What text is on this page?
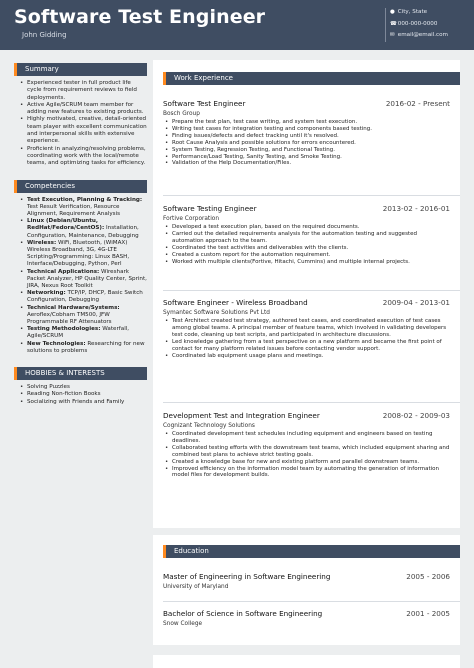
Software Test Engineer
John Gidding
● City, State
☎ 000-000-0000
✉ email@email.com
Summary
• Experienced tester in full product life cycle from requirement reviews to field deployments.
• Active Agile/SCRUM team member for adding new features to existing products.
• Highly motivated, creative, detail-oriented team player with excellent communication and interpersonal skills with extensive experience.
• Proficient in analyzing/resolving problems, coordinating work with the local/remote teams, and optimizing tasks for efficiency.
Competencies
• Test Execution, Planning & Tracking: Test Result Verification, Resource Alignment, Requirement Analysis
• Linux (Debian/Ubuntu, RedHat/Fedora/CentOS): Installation, Configuration, Maintenance, Debugging
• Wireless: WiFi, Bluetooth, (WiMAX) Wireless Broadband, 3G, 4G-LTE Scripting/Programming: Linux BASH, Interface/Debugging, Python, Perl
• Technical Applications: Wireshark Packet Analyzer, HP Quality Center, Sprint, JIRA, Nexus Root Toolkit
• Networking: TCP/IP, DHCP, Basic Switch Configuration, Debugging
• Technical Hardware/Systems: Aeroflex/Cobham TM500, JFW Programmable RF Attenuators
• Testing Methodologies: Waterfall, Agile/SCRUM
• New Technologies: Researching for new solutions to problems
HOBBIES & INTERESTS
• Solving Puzzles
• Reading Non-fiction Books
• Socializing with Friends and Family
Work Experience
Software Test Engineer	2016-02 - Present
Bosch Group
• Prepare the test plan, test case writing, and system test execution.
• Writing test cases for integration testing and components based testing.
• Finding issues/defects and defect tracking until it's resolved.
• Root Cause Analysis and possible solutions for errors encountered.
• System Testing, Regression Testing, and Functional Testing.
• Performance/Load Testing, Sanity Testing, and Smoke Testing.
• Validation of the Help Documentation/Files.
Software Testing Engineer	2013-02 - 2016-01
Fortive Corporation
• Developed a test execution plan, based on the required documents.
• Carried out the detailed requirements analysis for the automation testing and suggested automation approach to the team.
• Coordinated the test activities and deliverables with the clients.
• Created a custom report for the automation requirement.
• Worked with multiple clients(Fortive, Hitachi, Cummins) and multiple internal projects.
Software Engineer - Wireless Broadband	2009-04 - 2013-01
Symantec Software Solutions Pvt Ltd
• Test Architect created test strategy, authored test cases, and coordinated execution of test cases among global teams. A principal member of feature teams, which involved in validating developers test code, cleaning up test scripts, and participated in architecture discussions.
• Led knowledge gathering from a test perspective on a new platform and became the first point of contact for many platform related issues before contacting vendor support.
• Coordinated lab equipment usage plans and meetings.
Development Test and Integration Engineer	2008-02 - 2009-03
Cognizant Technology Solutions
• Coordinated development test schedules including equipment and engineers based on testing deadlines.
• Collaborated testing efforts with the downstream test teams, which included equipment sharing and combined test plans to achieve strict testing goals.
• Created a knowledge base for new and existing platform and parallel downstream teams.
• Improved efficiency on the information model team by automating the generation of information model files for development builds.
Education
Master of Engineering in Software Engineering	2005 - 2006
University of Maryland
Bachelor of Science in Software Engineering	2001 - 2005
Snow College
